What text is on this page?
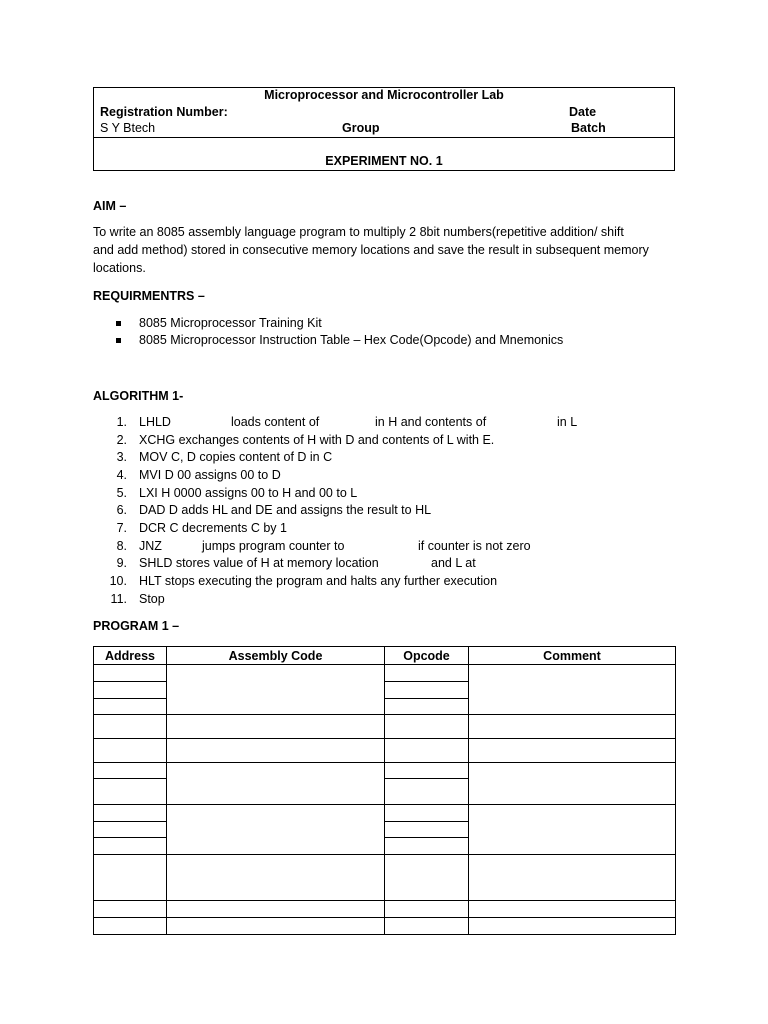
Microprocessor and Microcontroller Lab
Registration Number:	Date
S Y Btech	Group	Batch
EXPERIMENT NO. 1
AIM –
To write an 8085 assembly language program to multiply 2 8bit numbers(repetitive addition/ shift
and add method) stored in consecutive memory locations and save the result in subsequent memory
locations.
REQUIRMENTRS –
8085 Microprocessor Training Kit
8085 Microprocessor Instruction Table – Hex Code(Opcode) and Mnemonics
ALGORITHM 1-
1. LHLD	loads content of	in H and contents of	in L
2. XCHG exchanges contents of H with D and contents of L with E.
3. MOV C, D copies content of D in C
4. MVI D 00 assigns 00 to D
5. LXI H 0000 assigns 00 to H and 00 to L
6. DAD D adds HL and DE and assigns the result to HL
7. DCR C decrements C by 1
8. JNZ	jumps program counter to	if counter is not zero
9. SHLD stores value of H at memory location	and L at
10. HLT stops executing the program and halts any further execution
11. Stop
PROGRAM 1 –
Address	Assembly Code	Opcode	Comment
